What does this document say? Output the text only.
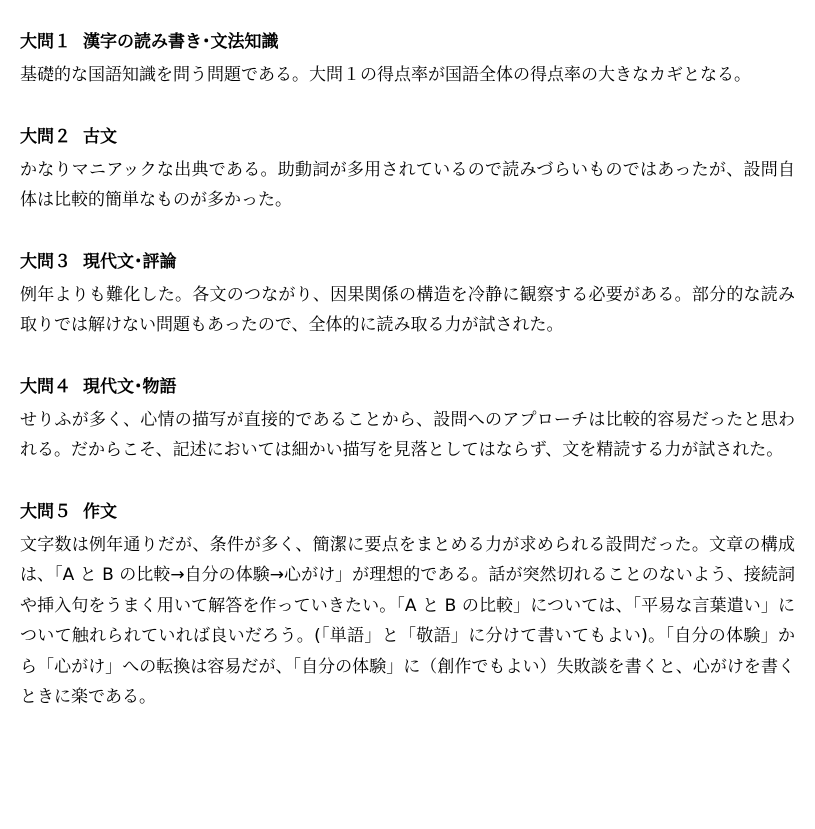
大問１ 漢字の読み書き･文法知識

基礎的な国語知識を問う問題である。大問１の得点率が国語全体の得点率の大きなカギとなる。

大問２ 古文

かなりマニアックな出典である。助動詞が多用されているので読みづらいものではあったが、設問自体は比較的簡単なものが多かった。

大問３ 現代文･評論

例年よりも難化した。各文のつながり、因果関係の構造を冷静に観察する必要がある。部分的な読み取りでは解けない問題もあったので、全体的に読み取る力が試された。

大問４ 現代文･物語

せりふが多く、心情の描写が直接的であることから、設問へのアプローチは比較的容易だったと思われる。だからこそ、記述においては細かい描写を見落としてはならず、文を精読する力が試された。

大問５ 作文

文字数は例年通りだが、条件が多く、簡潔に要点をまとめる力が求められる設問だった。文章の構成は、「A と B の比較→自分の体験→心がけ」が理想的である。話が突然切れることのないよう、接続詞や挿入句をうまく用いて解答を作っていきたい。「A と B の比較」については、「平易な言葉遣い」について触れられていれば良いだろう。(「単語」と「敬語」に分けて書いてもよい)。「自分の体験」から「心がけ」への転換は容易だが、「自分の体験」に（創作でもよい）失敗談を書くと、心がけを書くときに楽である。
